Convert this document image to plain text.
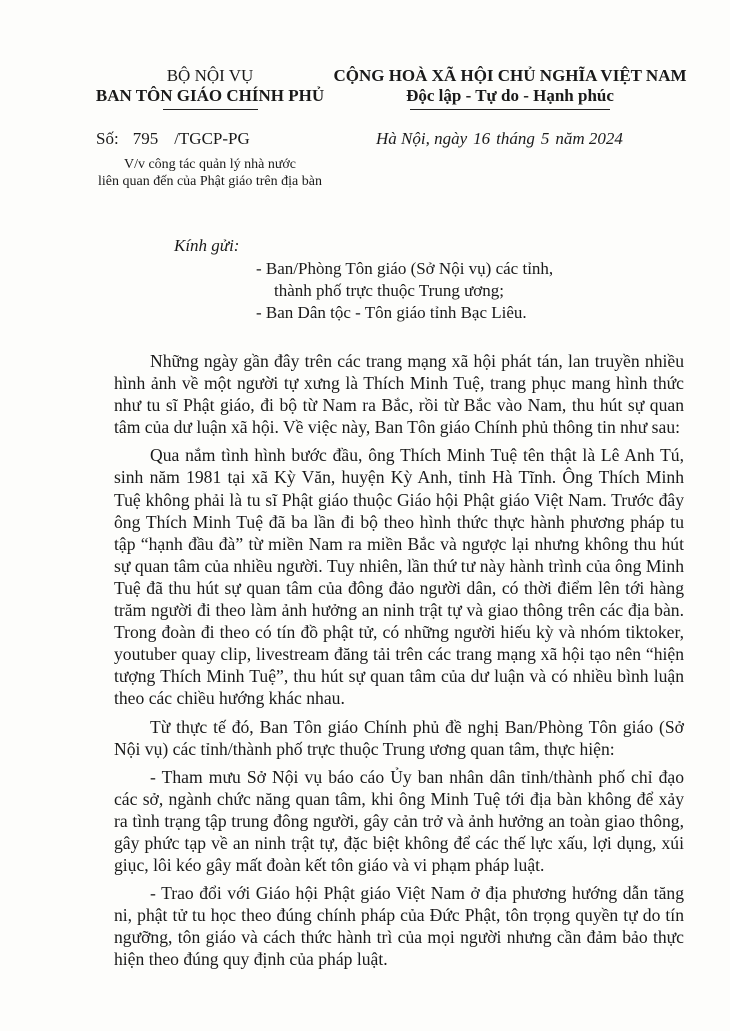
BỘ NỘI VỤ
BAN TÔN GIÁO CHÍNH PHỦ
CỘNG HOÀ XÃ HỘI CHỦ NGHĨA VIỆT NAM
Độc lập - Tự do - Hạnh phúc
Số: 795 /TGCP-PG
V/v công tác quản lý nhà nước
liên quan đến của Phật giáo trên địa bàn
Hà Nội, ngày 16 tháng 5 năm 2024
Kính gửi:
- Ban/Phòng Tôn giáo (Sở Nội vụ) các tỉnh,
thành phố trực thuộc Trung ương;
- Ban Dân tộc - Tôn giáo tỉnh Bạc Liêu.

Những ngày gần đây trên các trang mạng xã hội phát tán, lan truyền nhiều hình ảnh về một người tự xưng là Thích Minh Tuệ, trang phục mang hình thức như tu sĩ Phật giáo, đi bộ từ Nam ra Bắc, rồi từ Bắc vào Nam, thu hút sự quan tâm của dư luận xã hội. Về việc này, Ban Tôn giáo Chính phủ thông tin như sau:

Qua nắm tình hình bước đầu, ông Thích Minh Tuệ tên thật là Lê Anh Tú, sinh năm 1981 tại xã Kỳ Văn, huyện Kỳ Anh, tỉnh Hà Tĩnh. Ông Thích Minh Tuệ không phải là tu sĩ Phật giáo thuộc Giáo hội Phật giáo Việt Nam. Trước đây ông Thích Minh Tuệ đã ba lần đi bộ theo hình thức thực hành phương pháp tu tập “hạnh đầu đà” từ miền Nam ra miền Bắc và ngược lại nhưng không thu hút sự quan tâm của nhiều người. Tuy nhiên, lần thứ tư này hành trình của ông Minh Tuệ đã thu hút sự quan tâm của đông đảo người dân, có thời điểm lên tới hàng trăm người đi theo làm ảnh hưởng an ninh trật tự và giao thông trên các địa bàn. Trong đoàn đi theo có tín đồ phật tử, có những người hiếu kỳ và nhóm tiktoker, youtuber quay clip, livestream đăng tải trên các trang mạng xã hội tạo nên “hiện tượng Thích Minh Tuệ”, thu hút sự quan tâm của dư luận và có nhiều bình luận theo các chiều hướng khác nhau.

Từ thực tế đó, Ban Tôn giáo Chính phủ đề nghị Ban/Phòng Tôn giáo (Sở Nội vụ) các tỉnh/thành phố trực thuộc Trung ương quan tâm, thực hiện:

- Tham mưu Sở Nội vụ báo cáo Ủy ban nhân dân tỉnh/thành phố chỉ đạo các sở, ngành chức năng quan tâm, khi ông Minh Tuệ tới địa bàn không để xảy ra tình trạng tập trung đông người, gây cản trở và ảnh hưởng an toàn giao thông, gây phức tạp về an ninh trật tự, đặc biệt không để các thế lực xấu, lợi dụng, xúi giục, lôi kéo gây mất đoàn kết tôn giáo và vi phạm pháp luật.

- Trao đổi với Giáo hội Phật giáo Việt Nam ở địa phương hướng dẫn tăng ni, phật tử tu học theo đúng chính pháp của Đức Phật, tôn trọng quyền tự do tín ngưỡng, tôn giáo và cách thức hành trì của mọi người nhưng cần đảm bảo thực hiện theo đúng quy định của pháp luật.
